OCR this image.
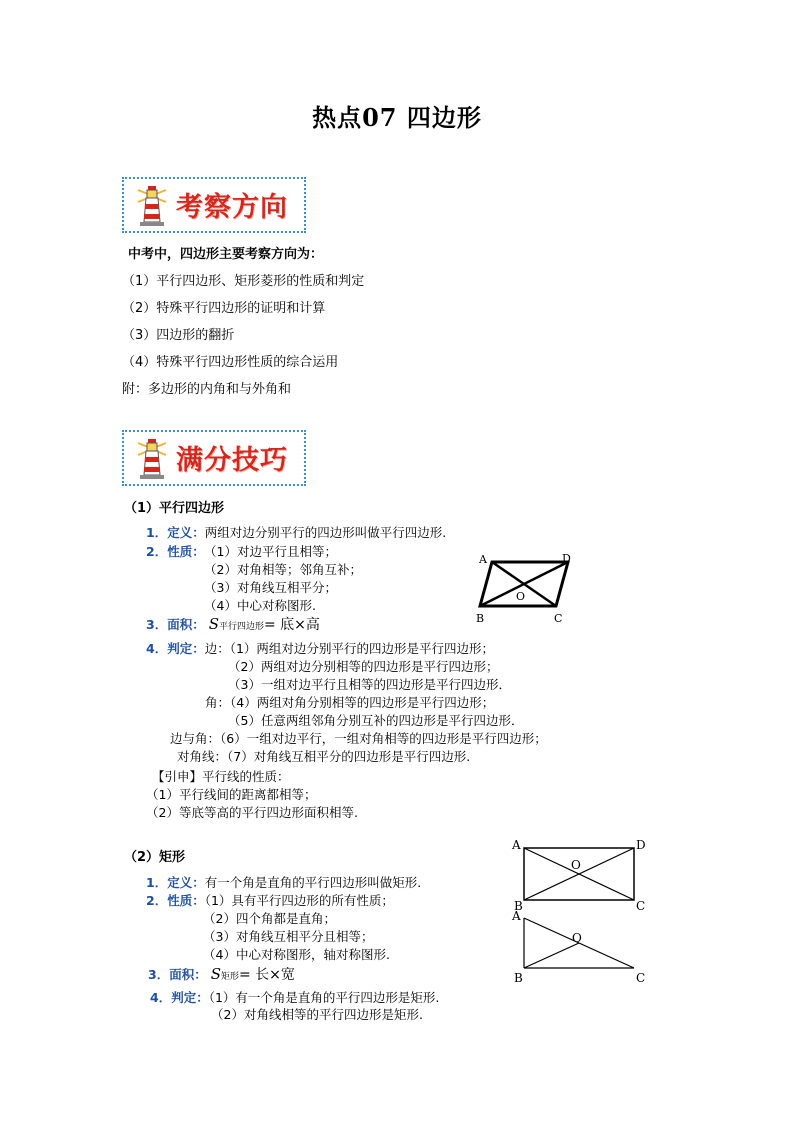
热点07 四边形
考察方向
中考中，四边形主要考察方向为：
（1）平行四边形、矩形菱形的性质和判定
（2）特殊平行四边形的证明和计算
（3）四边形的翻折
（4）特殊平行四边形性质的综合运用
附：多边形的内角和与外角和
满分技巧
（1）平行四边形
1．定义：两组对边分别平行的四边形叫做平行四边形.
2．性质： （1）对边平行且相等；
（2）对角相等；邻角互补；
（3）对角线互相平分；
（4）中心对称图形.
3．面积： S平行四边形= 底×高
4．判定：边：（1）两组对边分别平行的四边形是平行四边形；
（2）两组对边分别相等的四边形是平行四边形；
（3）一组对边平行且相等的四边形是平行四边形．
角：（4）两组对角分别相等的四边形是平行四边形；
（5）任意两组邻角分别互补的四边形是平行四边形．
边与角：（6）一组对边平行，一组对角相等的四边形是平行四边形；
对角线：（7）对角线互相平分的四边形是平行四边形.
【引申】平行线的性质：
（1）平行线间的距离都相等；
（2）等底等高的平行四边形面积相等.
A	D
B	C
O
（2）矩形
1．定义：有一个角是直角的平行四边形叫做矩形.
2．性质：（1）具有平行四边形的所有性质；
（2）四个角都是直角；
（3）对角线互相平分且相等；
（4）中心对称图形，轴对称图形.
3．面积： S矩形= 长×宽
4．判定：（1）有一个角是直角的平行四边形是矩形.
（2）对角线相等的平行四边形是矩形.
A	D
B	C
O
A
B	C
O
